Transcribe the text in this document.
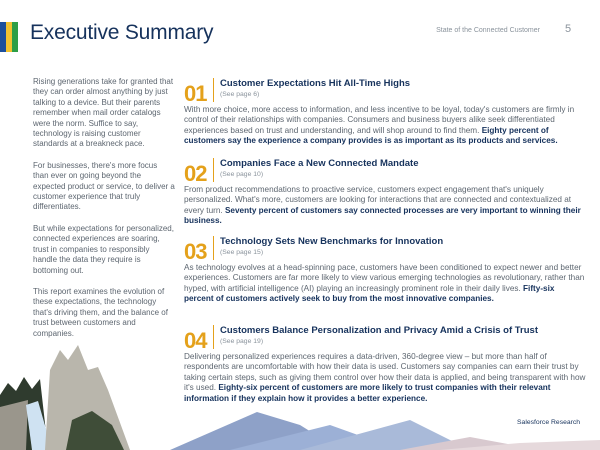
Executive Summary	State of the Connected Customer 5

Rising generations take for granted that they can order almost anything by just talking to a device. But their parents remember when mail order catalogs were the norm. Suffice to say, technology is raising customer standards at a breakneck pace.

For businesses, there's more focus than ever on going beyond the expected product or service, to deliver a customer experience that truly differentiates.

But while expectations for personalized, connected experiences are soaring, trust in companies to responsibly handle the data they require is bottoming out.

This report examines the evolution of these expectations, the technology that's driving them, and the balance of trust between customers and companies.

01 Customer Expectations Hit All-Time Highs
(See page 6)
With more choice, more access to information, and less incentive to be loyal, today's customers are firmly in control of their relationships with companies. Consumers and business buyers alike seek differentiated experiences based on trust and understanding, and will shop around to find them. Eighty percent of customers say the experience a company provides is as important as its products and services.
02 Companies Face a New Connected Mandate
(See page 10)
From product recommendations to proactive service, customers expect engagement that's uniquely personalized. What's more, customers are looking for interactions that are connected and contextualized at every turn. Seventy percent of customers say connected processes are very important to winning their business.
03 Technology Sets New Benchmarks for Innovation
(See page 15)
As technology evolves at a head-spinning pace, customers have been conditioned to expect newer and better experiences. Customers are far more likely to view various emerging technologies as revolutionary, rather than hyped, with artificial intelligence (AI) playing an increasingly prominent role in their daily lives. Fifty-six percent of customers actively seek to buy from the most innovative companies.
04 Customers Balance Personalization and Privacy Amid a Crisis of Trust
(See page 19)
Delivering personalized experiences requires a data-driven, 360-degree view – but more than half of respondents are uncomfortable with how their data is used. Customers say companies can earn their trust by taking certain steps, such as giving them control over how their data is applied, and being transparent with how it's used. Eighty-six percent of customers are more likely to trust companies with their relevant information if they explain how it provides a better experience.
Salesforce Research
